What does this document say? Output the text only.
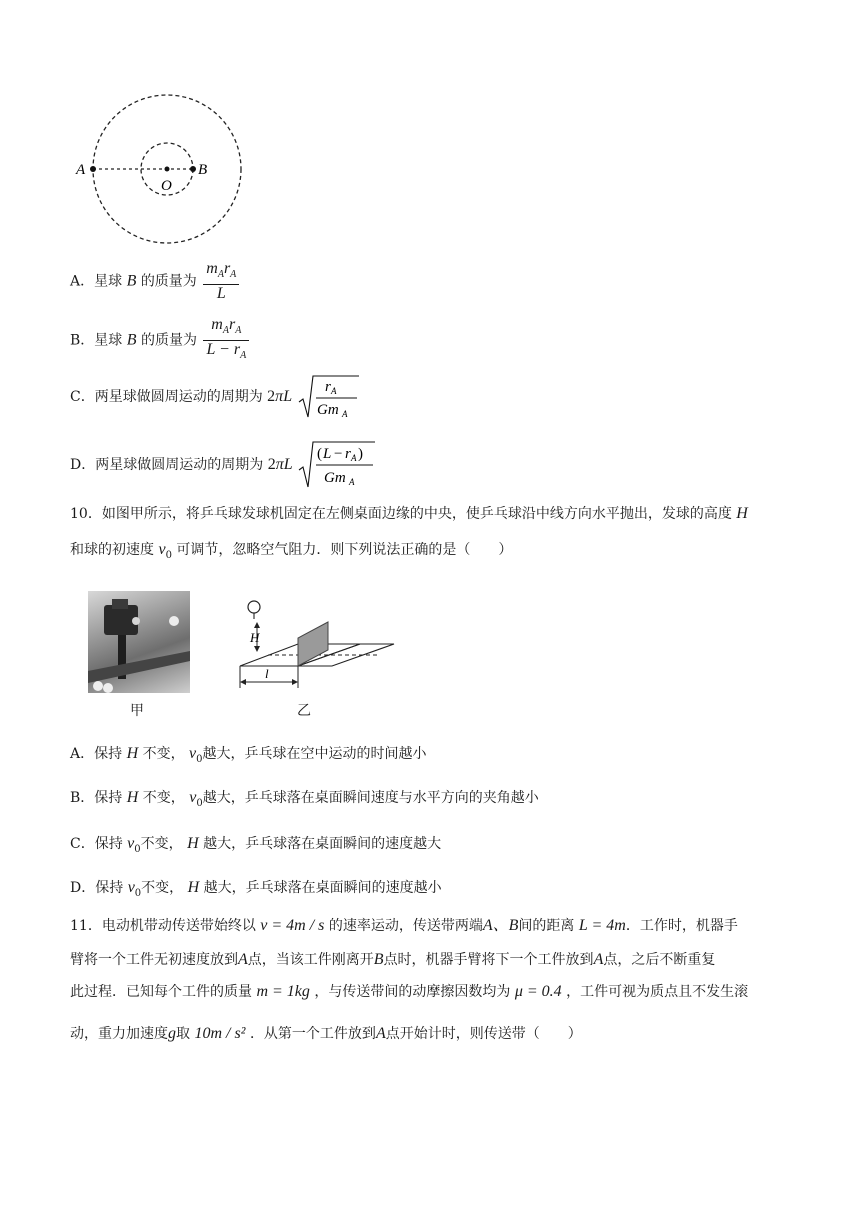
A
O
B
A．星球 B 的质量为 $\frac{m_Ar_A}{L}$
B．星球 B 的质量为 $\frac{m_Ar_A}{L - r_A}$
C．两星球做圆周运动的周期为 2πL
r A
Gm A
D．两星球做圆周运动的周期为 2πL
( L − r A )
Gm A
10．如图甲所示，将乒乓球发球机固定在左侧桌面边缘的中央，使乒乓球沿中线方向水平抛出，发球的高度 H
和球的初速度 $v_0$ 可调节，忽略空气阻力．则下列说法正确的是（　　）
甲
H
l
乙
A．保持 H 不变， $v_0$越大，乒乓球在空中运动的时间越小
B．保持 H 不变， $v_0$越大，乒乓球落在桌面瞬间速度与水平方向的夹角越小
C．保持 $v_0$不变， H 越大，乒乓球落在桌面瞬间的速度越大
D．保持 $v_0$不变， H 越大，乒乓球落在桌面瞬间的速度越小
11．电动机带动传送带始终以 v = 4m / s 的速率运动，传送带两端A、B间的距离 L = 4m．工作时，机器手
臂将一个工件无初速度放到A点，当该工件刚离开B点时，机器手臂将下一个工件放到A点，之后不断重复
此过程．已知每个工件的质量 m = 1kg ，与传送带间的动摩擦因数均为 μ = 0.4 ，工件可视为质点且不发生滚
动，重力加速度g取 10m / s² ．从第一个工件放到A点开始计时，则传送带（　　）
